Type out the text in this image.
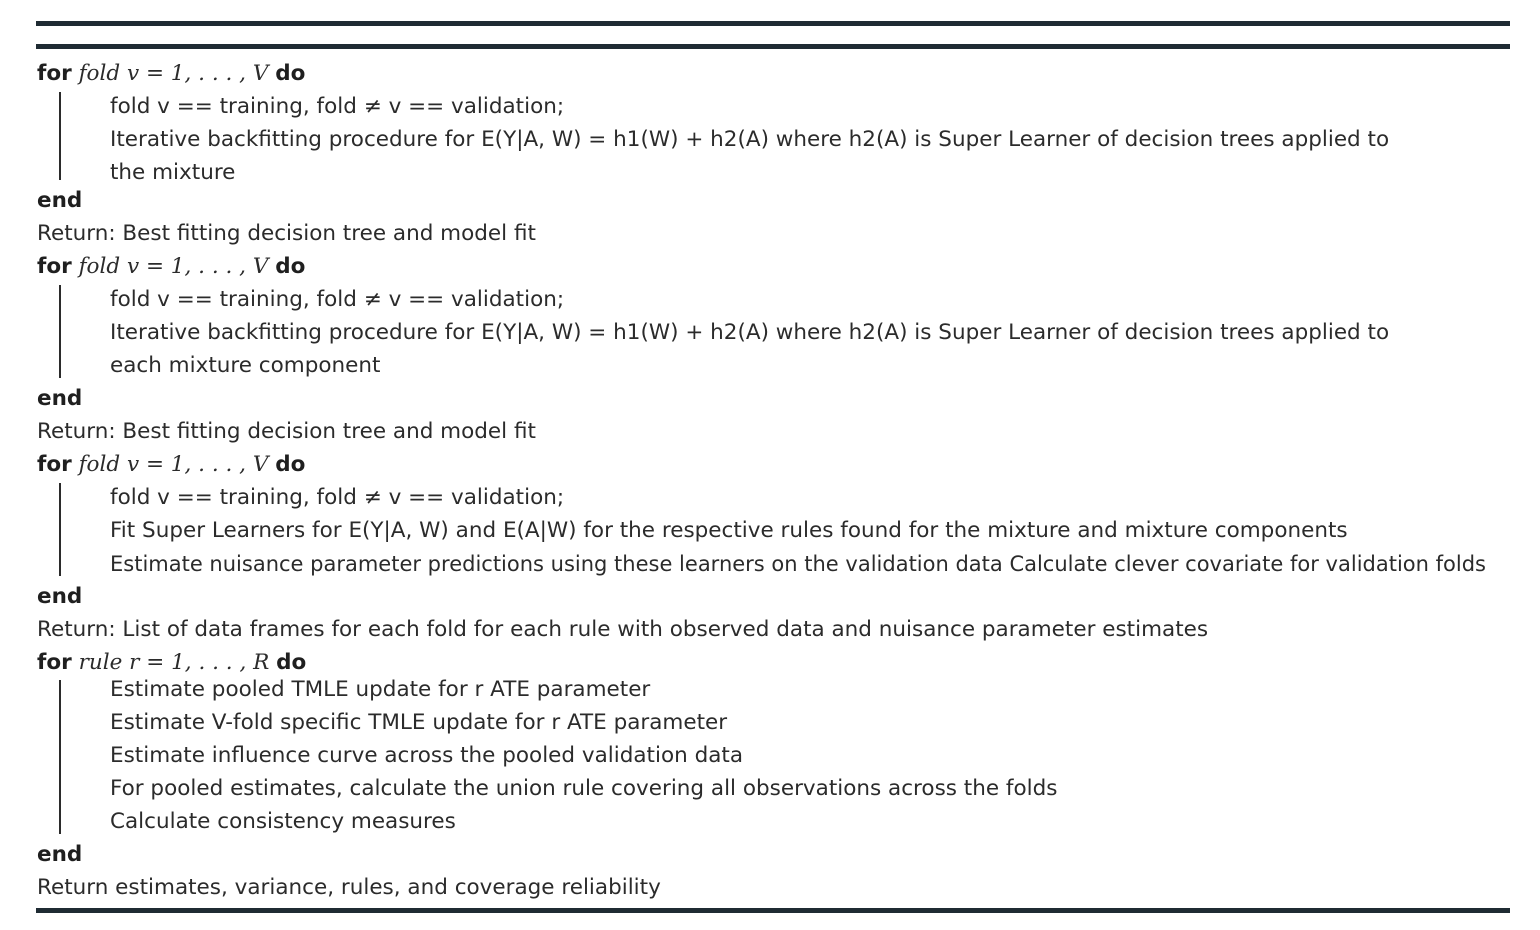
for fold v = 1, . . . , V do
fold v == training, fold ≠ v == validation;
Iterative backfitting procedure for E(Y|A, W) = h1(W) + h2(A) where h2(A) is Super Learner of decision trees applied to
the mixture
end
Return: Best fitting decision tree and model fit
for fold v = 1, . . . , V do
fold v == training, fold ≠ v == validation;
Iterative backfitting procedure for E(Y|A, W) = h1(W) + h2(A) where h2(A) is Super Learner of decision trees applied to
each mixture component
end
Return: Best fitting decision tree and model fit
for fold v = 1, . . . , V do
fold v == training, fold ≠ v == validation;
Fit Super Learners for E(Y|A, W) and E(A|W) for the respective rules found for the mixture and mixture components
Estimate nuisance parameter predictions using these learners on the validation data Calculate clever covariate for validation folds
end
Return: List of data frames for each fold for each rule with observed data and nuisance parameter estimates
for rule r = 1, . . . , R do
Estimate pooled TMLE update for r ATE parameter
Estimate V-fold specific TMLE update for r ATE parameter
Estimate influence curve across the pooled validation data
For pooled estimates, calculate the union rule covering all observations across the folds
Calculate consistency measures
end
Return estimates, variance, rules, and coverage reliability
